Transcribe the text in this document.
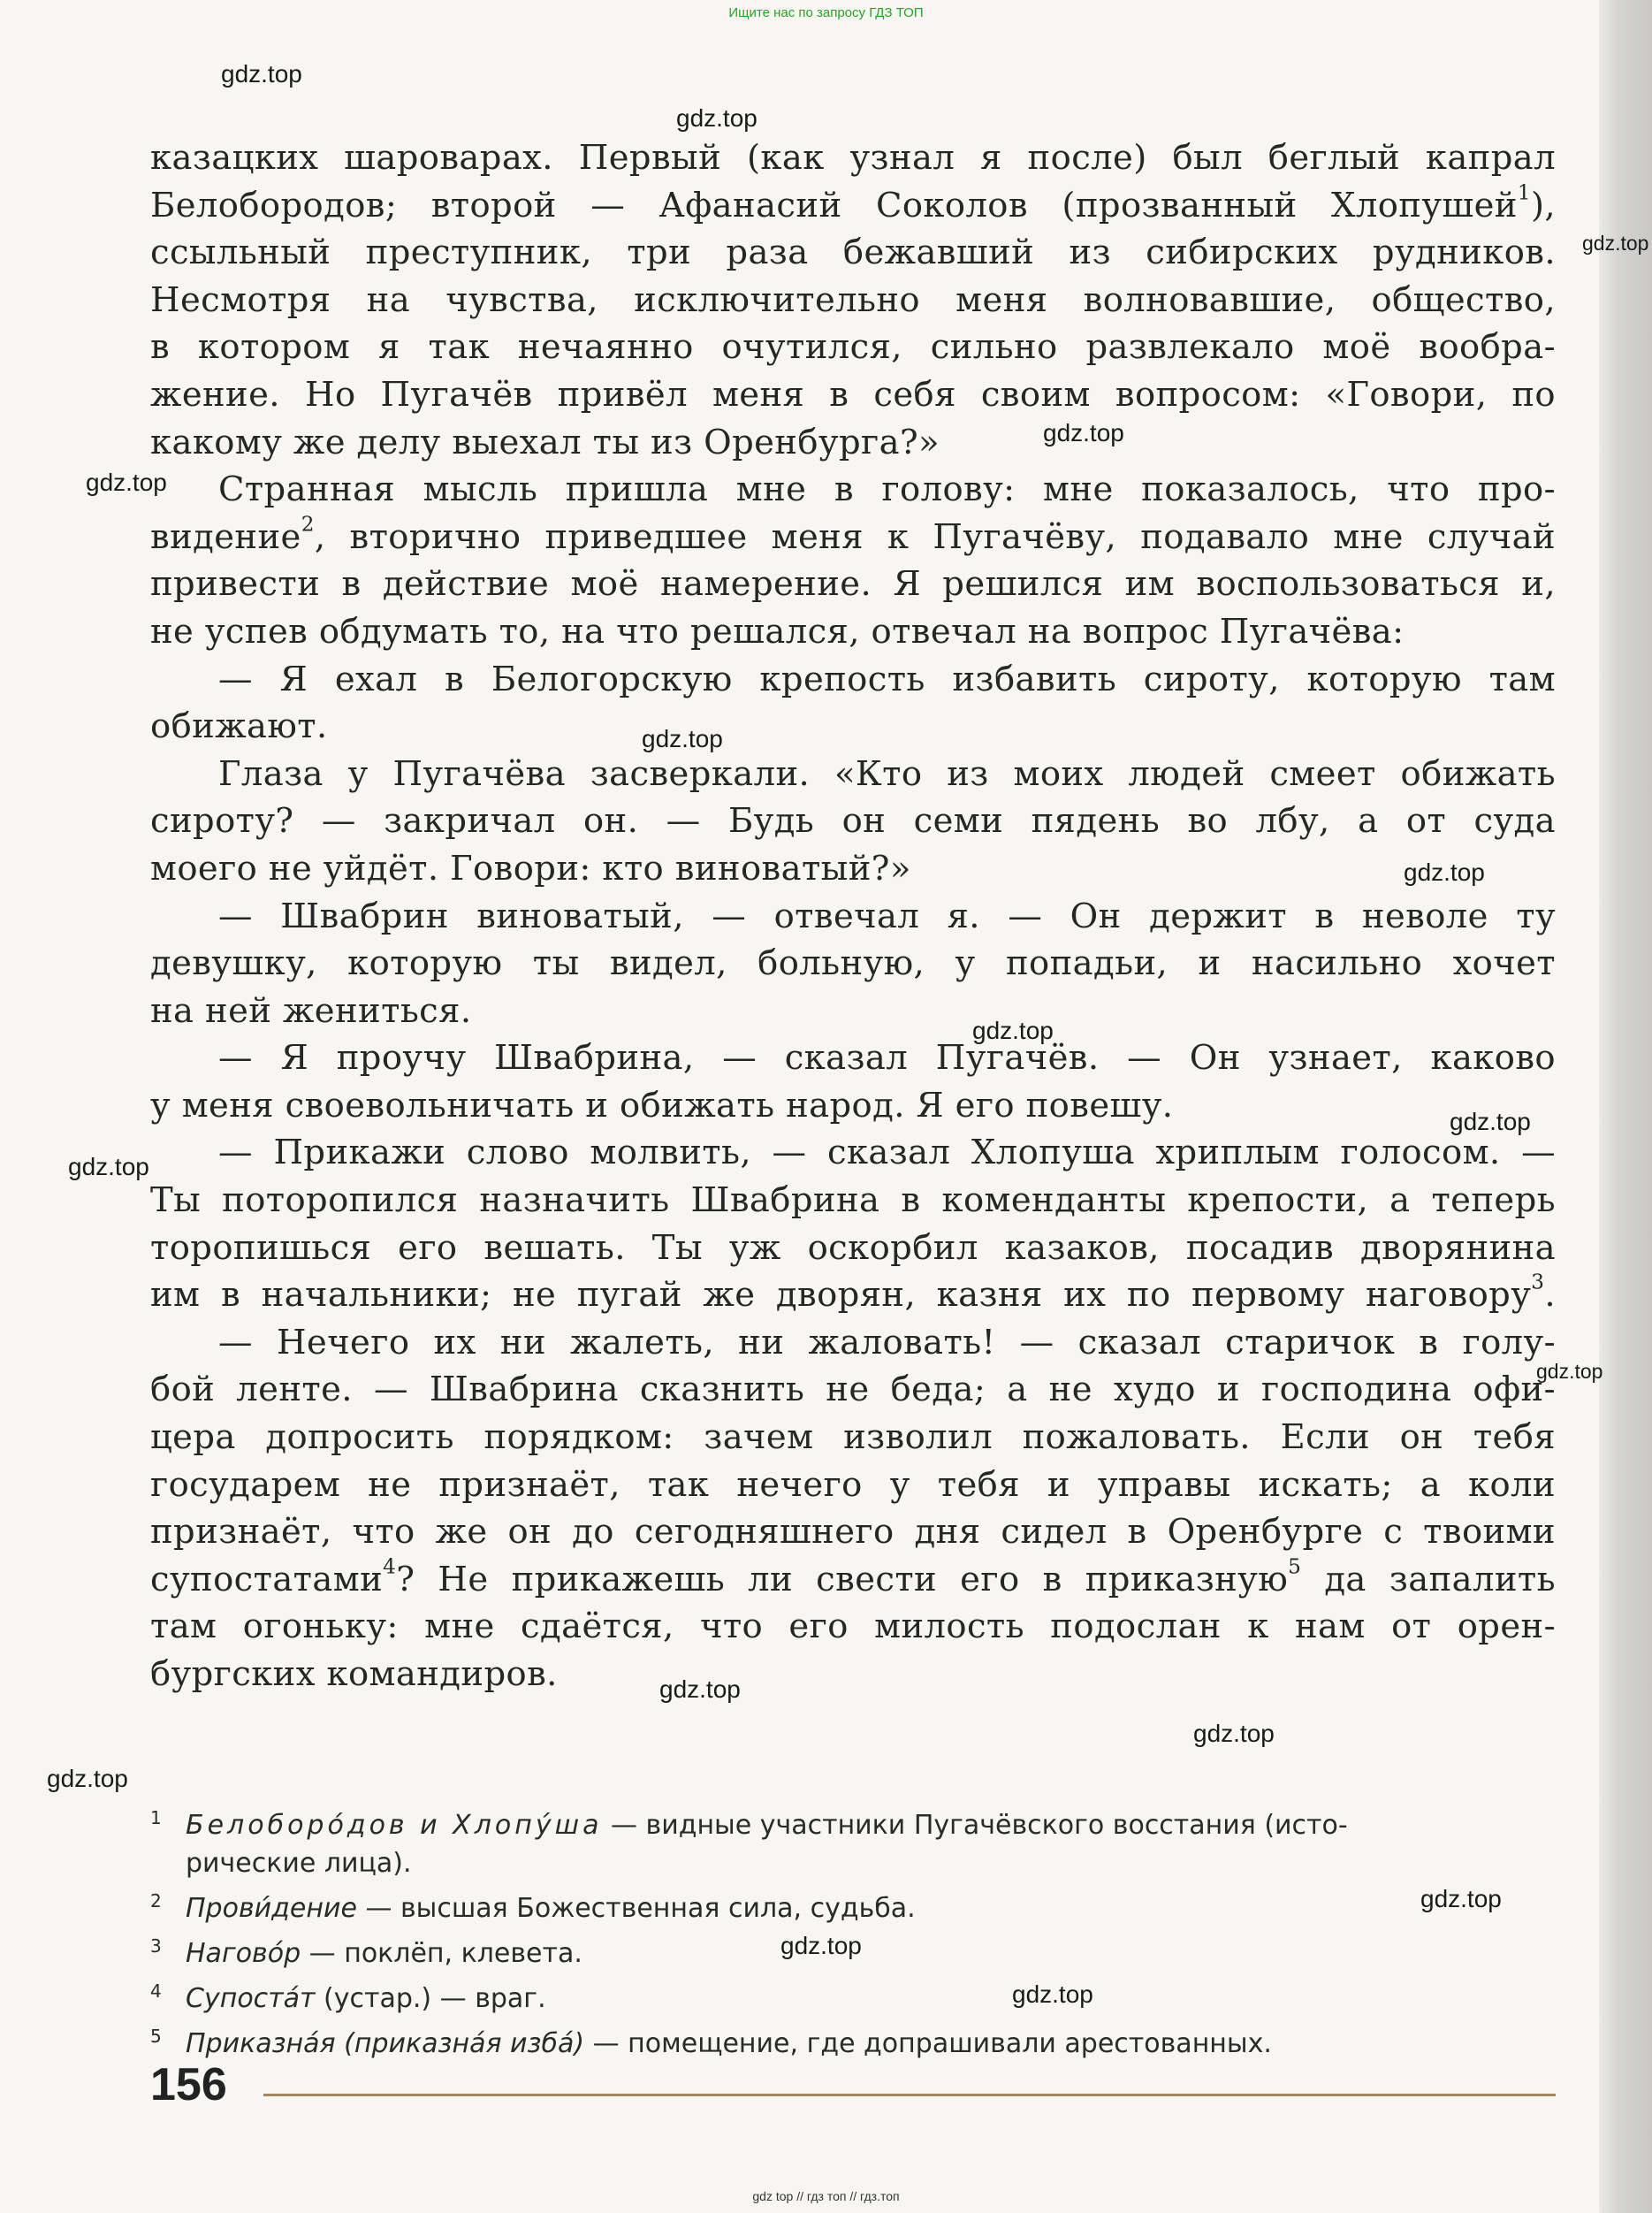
Ищите нас по запросу ГДЗ ТОП
gdz.top
gdz.top
gdz.top
gdz.top
gdz.top
gdz.top
gdz.top
gdz.top
gdz.top
gdz.top
gdz.top
gdz.top
gdz.top
gdz.top
gdz.top
gdz.top
gdz.top
казацких шароварах. Первый (как узнал я после) был беглый капрал
Белобородов; второй — Афанасий Соколов (прозванный Хлопушей$^1$),
ссыльный преступник, три раза бежавший из сибирских рудников.
Несмотря на чувства, исключительно меня волновавшие, общество,
в котором я так нечаянно очутился, сильно развлекало моё вообра-
жение. Но Пугачёв привёл меня в себя своим вопросом: «Говори, по
какому же делу выехал ты из Оренбурга?»
Странная мысль пришла мне в голову: мне показалось, что про-
видение$^2$, вторично приведшее меня к Пугачёву, подавало мне случай
привести в действие моё намерение. Я решился им воспользоваться и,
не успев обдумать то, на что решался, отвечал на вопрос Пугачёва:
— Я ехал в Белогорскую крепость избавить сироту, которую там
обижают.
Глаза у Пугачёва засверкали. «Кто из моих людей смеет обижать
сироту? — закричал он. — Будь он семи пядень во лбу, а от суда
моего не уйдёт. Говори: кто виноватый?»
— Швабрин виноватый, — отвечал я. — Он держит в неволе ту
девушку, которую ты видел, больную, у попадьи, и насильно хочет
на ней жениться.
— Я проучу Швабрина, — сказал Пугачёв. — Он узнает, каково
у меня своевольничать и обижать народ. Я его повешу.
— Прикажи слово молвить, — сказал Хлопуша хриплым голосом. —
Ты поторопился назначить Швабрина в коменданты крепости, а теперь
торопишься его вешать. Ты уж оскорбил казаков, посадив дворянина
им в начальники; не пугай же дворян, казня их по первому наговору$^3$.
— Нечего их ни жалеть, ни жаловать! — сказал старичок в голу-
бой ленте. — Швабрина сказнить не беда; а не худо и господина офи-
цера допросить порядком: зачем изволил пожаловать. Если он тебя
государем не признаёт, так нечего у тебя и управы искать; а коли
признаёт, что же он до сегодняшнего дня сидел в Оренбурге с твоими
супостатами$^4$? Не прикажешь ли свести его в приказную$^5$ да запалить
там огоньку: мне сдаётся, что его милость подослан к нам от орен-
бургских командиров.
1 Белоборо́дов и Хлопу́ша — видные участники Пугачёвского восстания (исто-
рические лица).
2 Прови́дение — высшая Божественная сила, судьба.
3 Наговóр — поклёп, клевета.
4 Супостáт (устар.) — враг.
5 Приказнáя (приказнáя избá) — помещение, где допрашивали арестованных.
156
gdz top // гдз топ // гдз.топ
